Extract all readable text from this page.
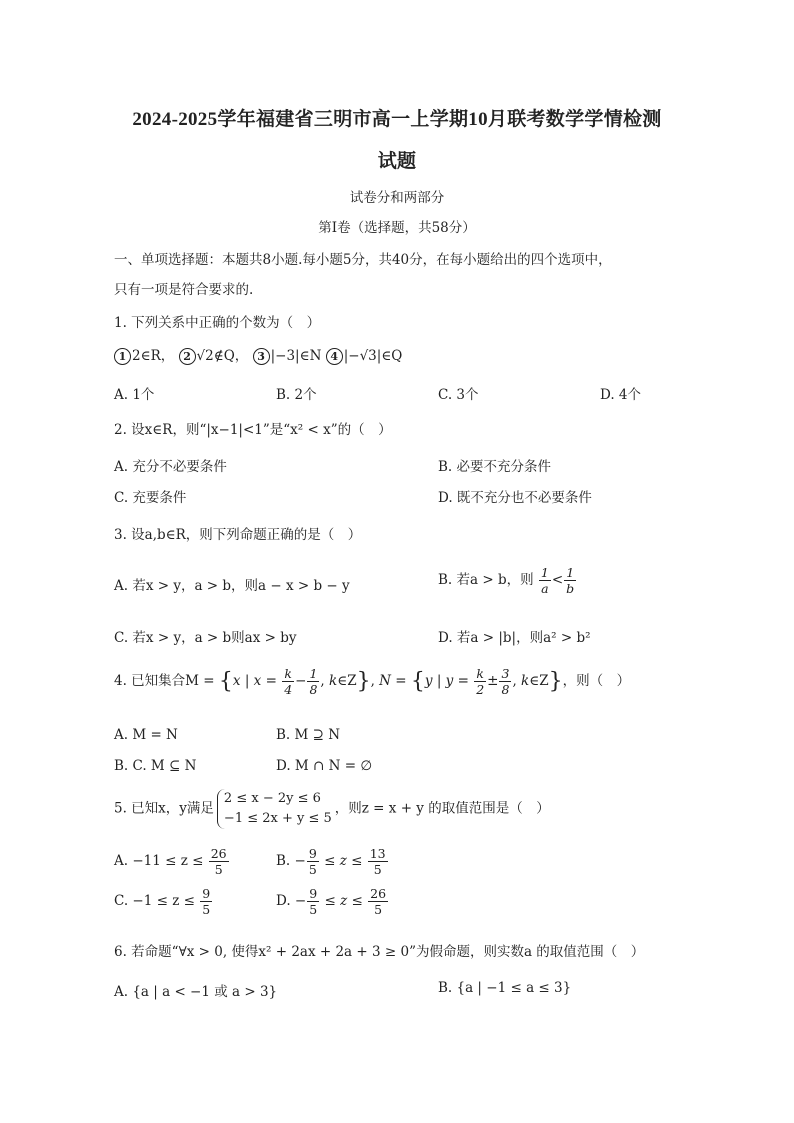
2024-2025学年福建省三明市高一上学期10月联考数学学情检测
试题
试卷分和两部分
第Ⅰ卷（选择题，共58分）
一、单项选择题：本题共8小题.每小题5分，共40分，在每小题给出的四个选项中，
只有一项是符合要求的.
1. 下列关系中正确的个数为（　）
1 2∈R， 2 √2∉Q， 3 |−3|∈N 4 |−√3|∈Q
A. 1个	B. 2个	C. 3个	D. 4个
2. 设x∈R，则“|x−1|<1”是“x² < x”的（　）
A. 充分不必要条件	B. 必要不充分条件
C. 充要条件	D. 既不充分也不必要条件
3. 设a,b∈R，则下列命题正确的是（　）
A. 若x > y，a > b，则a − x > b − y	B. 若a > b，则 $\frac{1}{a} < \frac{1}{b}$
C. 若x > y，a > b则ax > by	D. 若a > |b|，则a² > b²
4. 已知集合M = {x | $x = \frac{k}{4} - \frac{1}{8}$ , k∈Z}, N = {y | $y = \frac{k}{2} \pm \frac{3}{8}$ , k∈Z}，则（　）
A. M = N	B. M ⊇ N
B. C. M ⊆ N	D. M ∩ N = ∅
5. 已知x，y满足
2 ≤ x − 2y ≤ 6
−1 ≤ 2x + y ≤ 5
，则z = x + y 的取值范围是（　）
A. $-11 \le z \le \frac{26}{5}$	B. − $\frac{9}{5} \le z \le \frac{13}{5}$
C. $-1 \le z \le \frac{9}{5}$	D. − $\frac{9}{5} \le z \le \frac{26}{5}$
6. 若命题“∀x > 0, 使得x² + 2ax + 2a + 3 ≥ 0”为假命题，则实数a 的取值范围（　）
A. {a | a < −1 或 a > 3}	B. {a | −1 ≤ a ≤ 3}
